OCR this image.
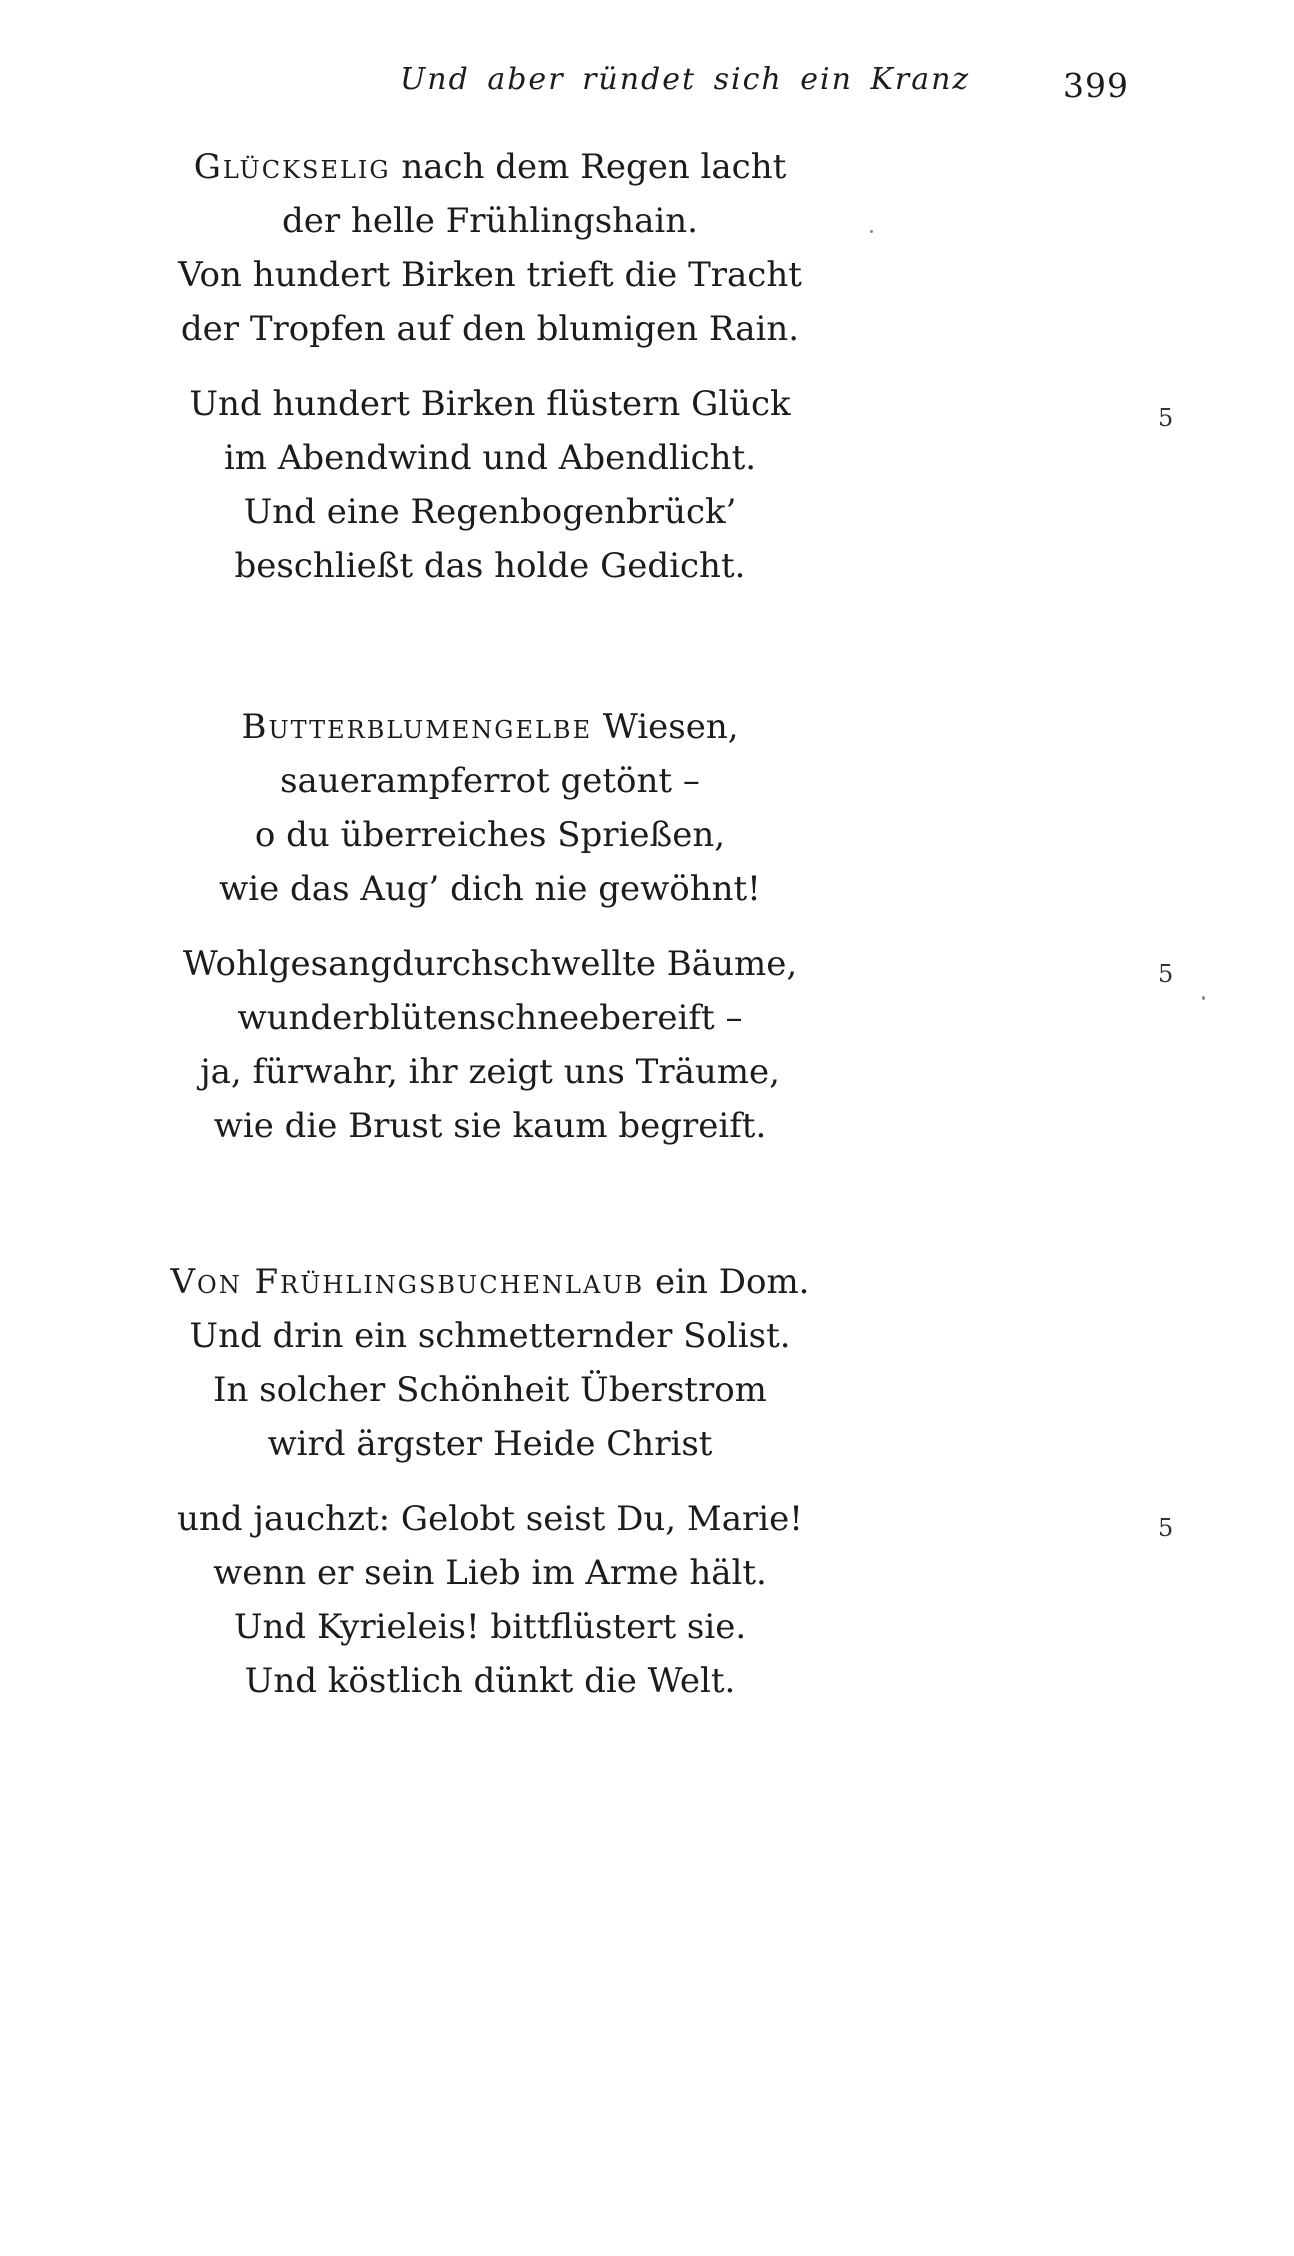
Und aber ründet sich ein Kranz	399
Glückselig nach dem Regen lacht
der helle Frühlingshain.
Von hundert Birken trieft die Tracht
der Tropfen auf den blumigen Rain.
Und hundert Birken flüstern Glück
im Abendwind und Abendlicht.
Und eine Regenbogenbrück’
beschließt das holde Gedicht.
5
Butterblumengelbe Wiesen,
sauerampferrot getönt –
o du überreiches Sprießen,
wie das Aug’ dich nie gewöhnt!
Wohlgesangdurchschwellte Bäume,
wunderblütenschneebereift –
ja, fürwahr, ihr zeigt uns Träume,
wie die Brust sie kaum begreift.
5
Von Frühlingsbuchenlaub ein Dom.
Und drin ein schmetternder Solist.
In solcher Schönheit Überstrom
wird ärgster Heide Christ
und jauchzt: Gelobt seist Du, Marie!
wenn er sein Lieb im Arme hält.
Und Kyrieleis! bittflüstert sie.
Und köstlich dünkt die Welt.
5
